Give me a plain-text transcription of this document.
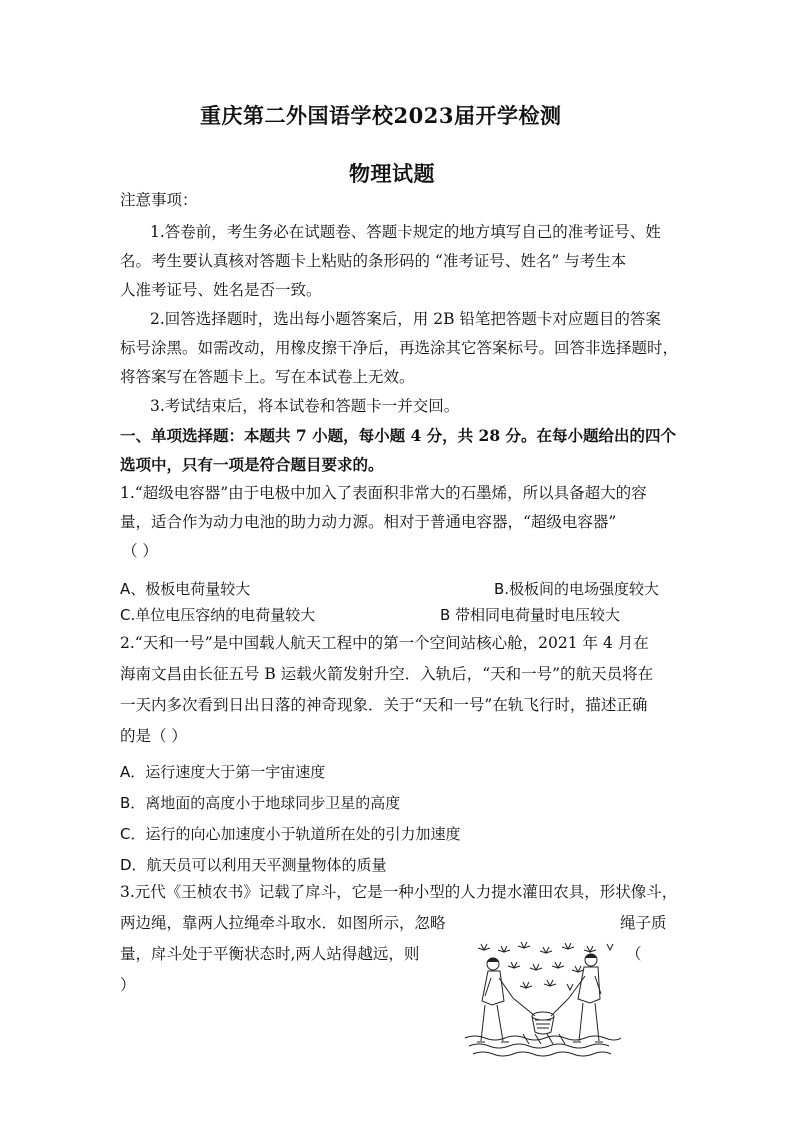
重庆第二外国语学校2023届开学检测
物理试题
注意事项：
1.答卷前，考生务必在试题卷、答题卡规定的地方填写自己的准考证号、姓
名。考生要认真核对答题卡上粘贴的条形码的 “准考证号、姓名” 与考生本
人准考证号、姓名是否一致。
2.回答选择题时，选出每小题答案后，用 2B 铅笔把答题卡对应题目的答案
标号涂黑。如需改动，用橡皮擦干净后，再选涂其它答案标号。回答非选择题时，
将答案写在答题卡上。写在本试卷上无效。
3.考试结束后，将本试卷和答题卡一并交回。
一、单项选择题：本题共 7 小题，每小题 4 分，共 28 分。在每小题给出的四个
选项中，只有一项是符合题目要求的。
1.“超级电容器”由于电极中加入了表面积非常大的石墨烯，所以具备超大的容
量，适合作为动力电池的助力动力源。相对于普通电容器，“超级电容器”
（ ）
A、极板电荷量较大	B.极板间的电场强度较大
C.单位电压容纳的电荷量较大	B 带相同电荷量时电压较大
2.“天和一号”是中国载人航天工程中的第一个空间站核心舱，2021 年 4 月在
海南文昌由长征五号 B 运载火箭发射升空．入轨后，“天和一号”的航天员将在
一天内多次看到日出日落的神奇现象．关于“天和一号”在轨飞行时，描述正确
的是（ ）
A．运行速度大于第一宇宙速度
B．离地面的高度小于地球同步卫星的高度
C．运行的向心加速度小于轨道所在处的引力加速度
D．航天员可以利用天平测量物体的质量
3.元代《王桢农书》记载了戽斗，它是一种小型的人力提水灌田农具，形状像斗，
两边绳，靠两人拉绳牵斗取水．如图所示，忽略	绳子质
量，戽斗处于平衡状态时,两人站得越远，则	（
）
